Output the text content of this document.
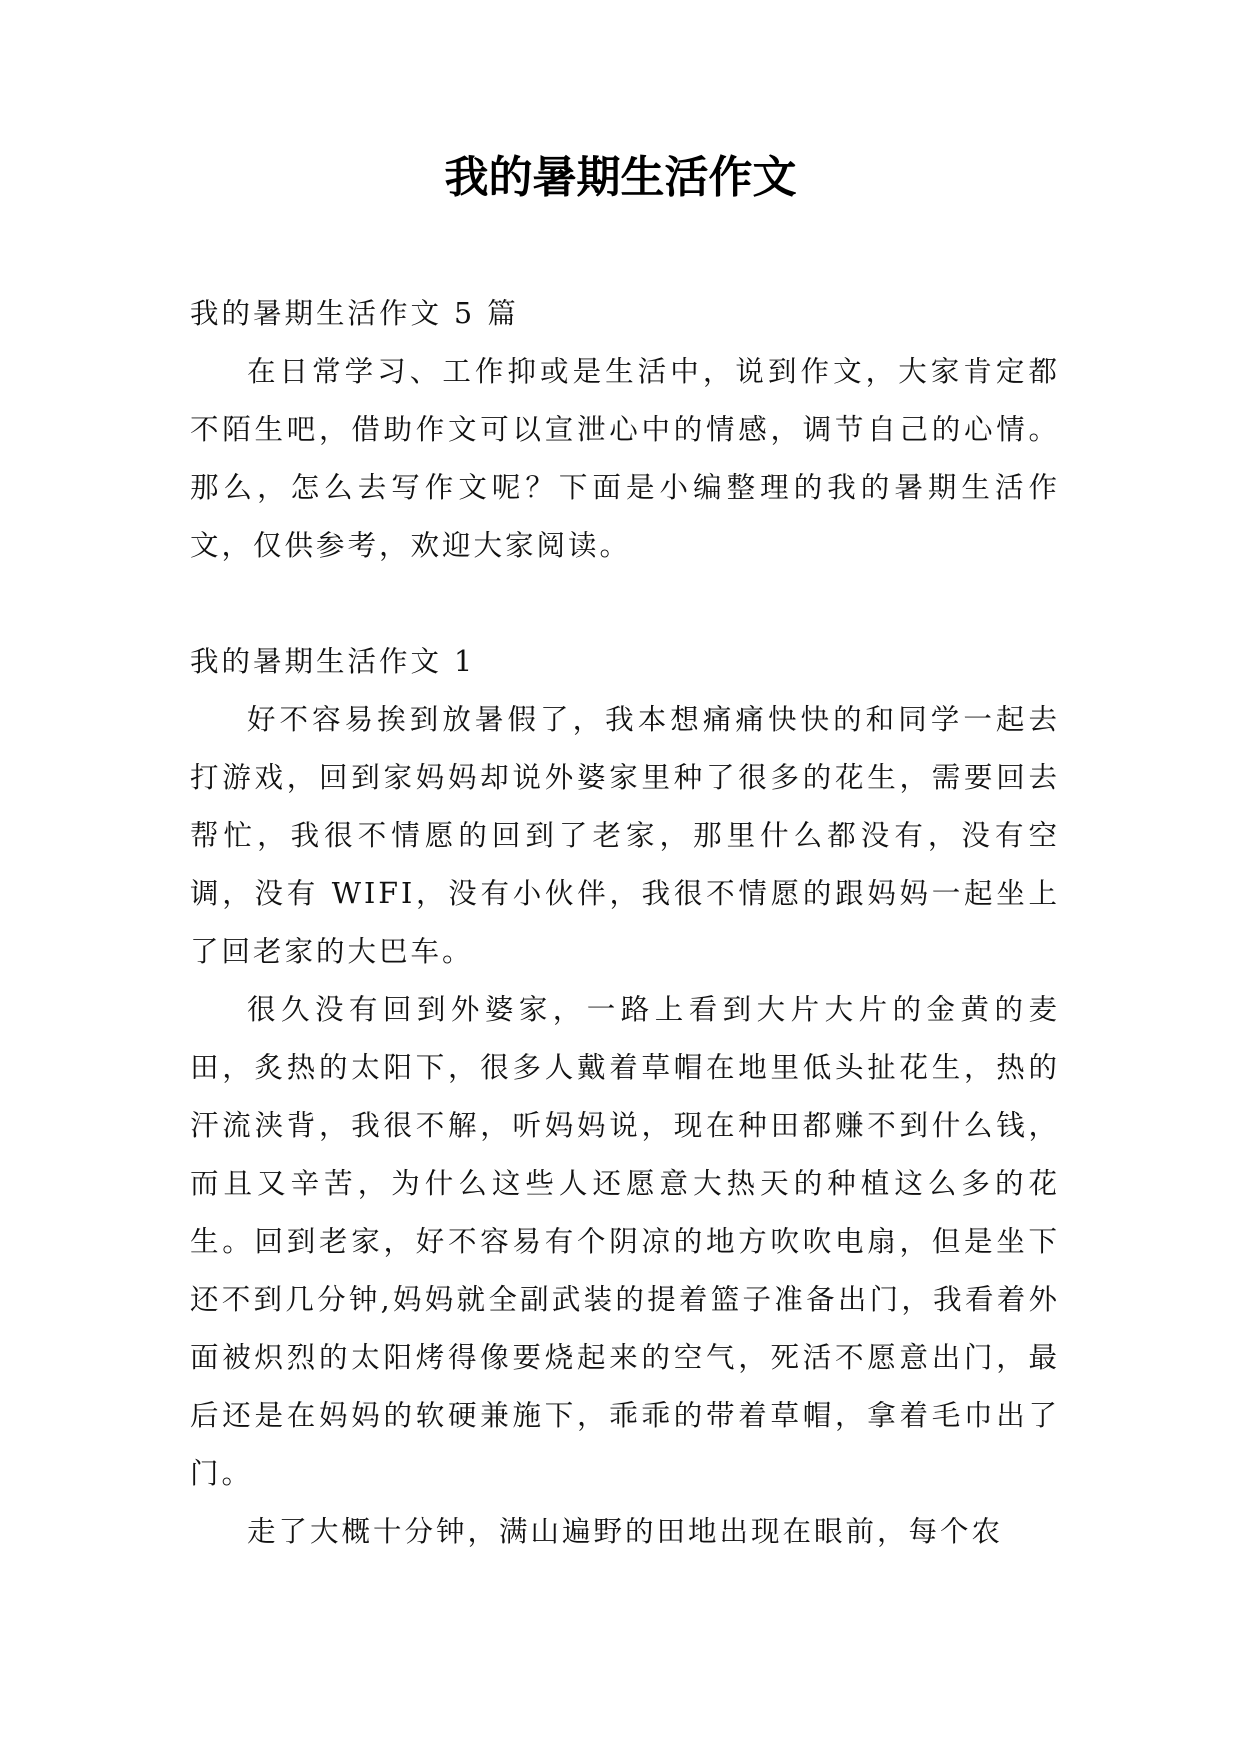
我的暑期生活作文

我的暑期生活作文 5 篇

在日常学习、工作抑或是生活中，说到作文，大家肯定都不陌生吧，借助作文可以宣泄心中的情感，调节自己的心情。那么，怎么去写作文呢？下面是小编整理的我的暑期生活作文，仅供参考，欢迎大家阅读。

我的暑期生活作文 1

好不容易挨到放暑假了，我本想痛痛快快的和同学一起去打游戏，回到家妈妈却说外婆家里种了很多的花生，需要回去帮忙，我很不情愿的回到了老家，那里什么都没有，没有空调，没有 WIFI，没有小伙伴，我很不情愿的跟妈妈一起坐上了回老家的大巴车。

很久没有回到外婆家，一路上看到大片大片的金黄的麦田，炙热的太阳下，很多人戴着草帽在地里低头扯花生，热的汗流浃背，我很不解，听妈妈说，现在种田都赚不到什么钱，而且又辛苦，为什么这些人还愿意大热天的种植这么多的花生。回到老家，好不容易有个阴凉的地方吹吹电扇，但是坐下还不到几分钟,妈妈就全副武装的提着篮子准备出门，我看着外面被炽烈的太阳烤得像要烧起来的空气，死活不愿意出门，最后还是在妈妈的软硬兼施下，乖乖的带着草帽，拿着毛巾出了门。

走了大概十分钟，满山遍野的田地出现在眼前，每个农
